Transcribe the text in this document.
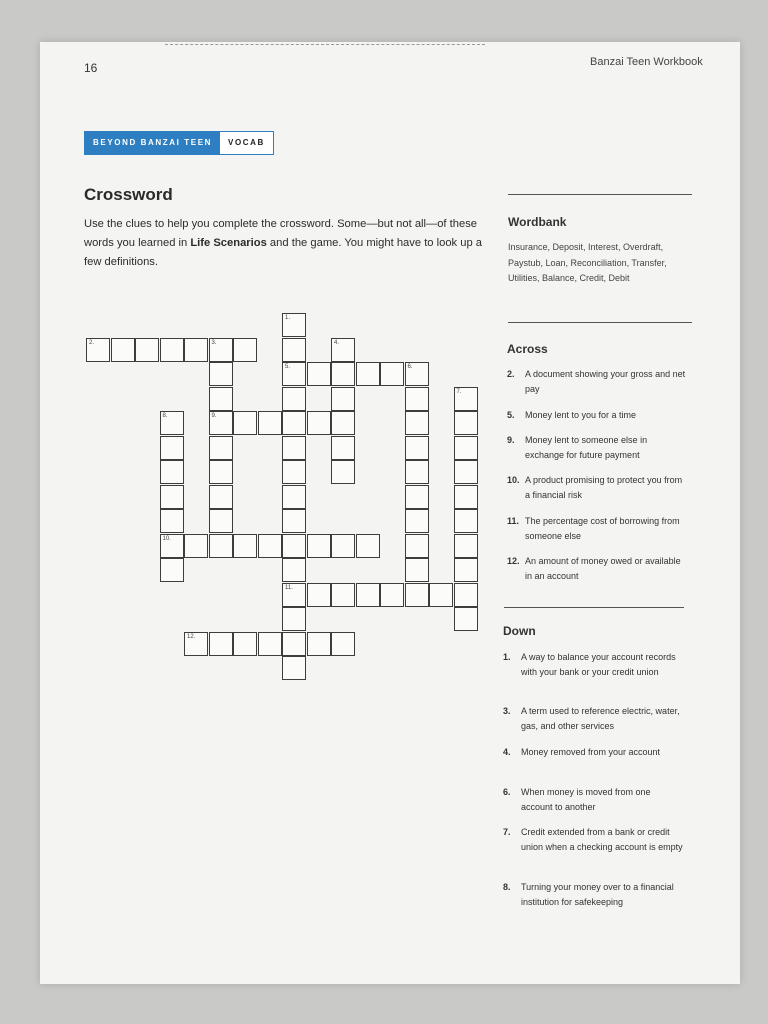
16	Banzai Teen Workbook
BEYOND BANZAI TEEN	VOCAB
Crossword
Use the clues to help you complete the crossword. Some—but not all—of these words you learned in Life Scenarios and the game. You might have to look up a few definitions.
Wordbank
Insurance, Deposit, Interest, Overdraft, Paystub, Loan, Reconciliation, Transfer, Utilities, Balance, Credit, Debit
Across
2.	A document showing your gross and net pay
5.	Money lent to you for a time
9.	Money lent to someone else in exchange for future payment
10. A product promising to protect you from a financial risk
11. The percentage cost of borrowing from someone else
12. An amount of money owed or available in an account
Down
1.	A way to balance your account records with your bank or your credit union
3.	A term used to reference electric, water, gas, and other services
4.	Money removed from your account
6.	When money is moved from one account to another
7.	Credit extended from a bank or credit union when a checking account is empty
8.	Turning your money over to a financial institution for safekeeping
2.	3.
5.	6.
9.
10.
11.
12.
1.
4.
7.
8.
